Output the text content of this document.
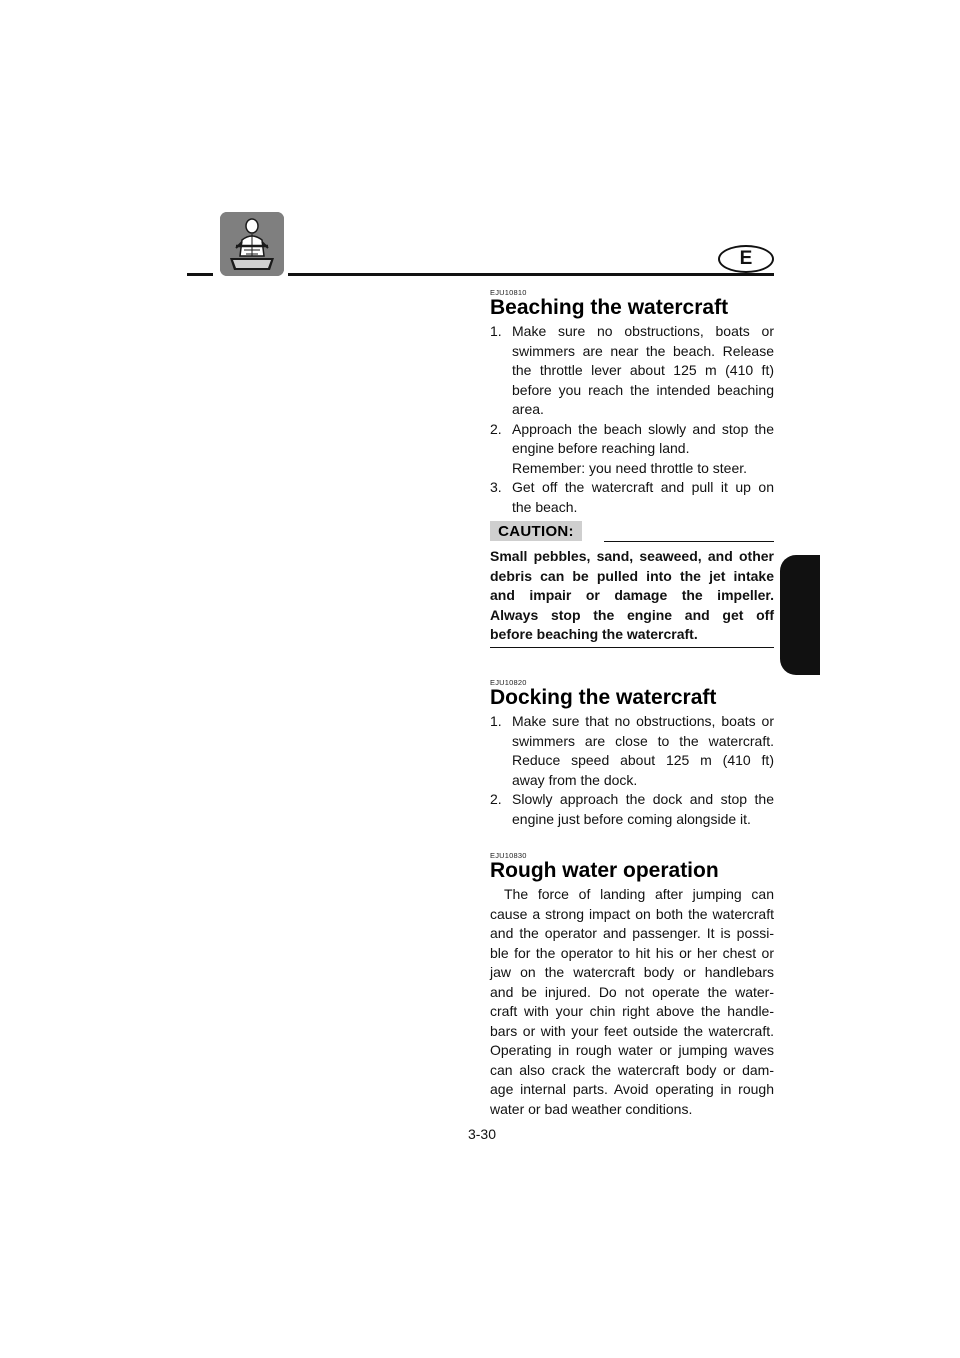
E
EJU10810
Beaching the watercraft
1. Make sure no obstructions, boats or
swimmers are near the beach. Release
the throttle lever about 125 m (410 ft)
before you reach the intended beaching
area.
2. Approach the beach slowly and stop the
engine before reaching land.
Remember: you need throttle to steer.
3. Get off the watercraft and pull it up on
the beach.
CAUTION:
Small pebbles, sand, seaweed, and other
debris can be pulled into the jet intake
and impair or damage the impeller.
Always stop the engine and get off
before beaching the watercraft.
EJU10820
Docking the watercraft
1. Make sure that no obstructions, boats or
swimmers are close to the watercraft.
Reduce speed about 125 m (410 ft)
away from the dock.
2. Slowly approach the dock and stop the
engine just before coming alongside it.
EJU10830
Rough water operation
The force of landing after jumping can
cause a strong impact on both the watercraft
and the operator and passenger. It is possi-
ble for the operator to hit his or her chest or
jaw on the watercraft body or handlebars
and be injured. Do not operate the water-
craft with your chin right above the handle-
bars or with your feet outside the watercraft.
Operating in rough water or jumping waves
can also crack the watercraft body or dam-
age internal parts. Avoid operating in rough
water or bad weather conditions.
3-30
